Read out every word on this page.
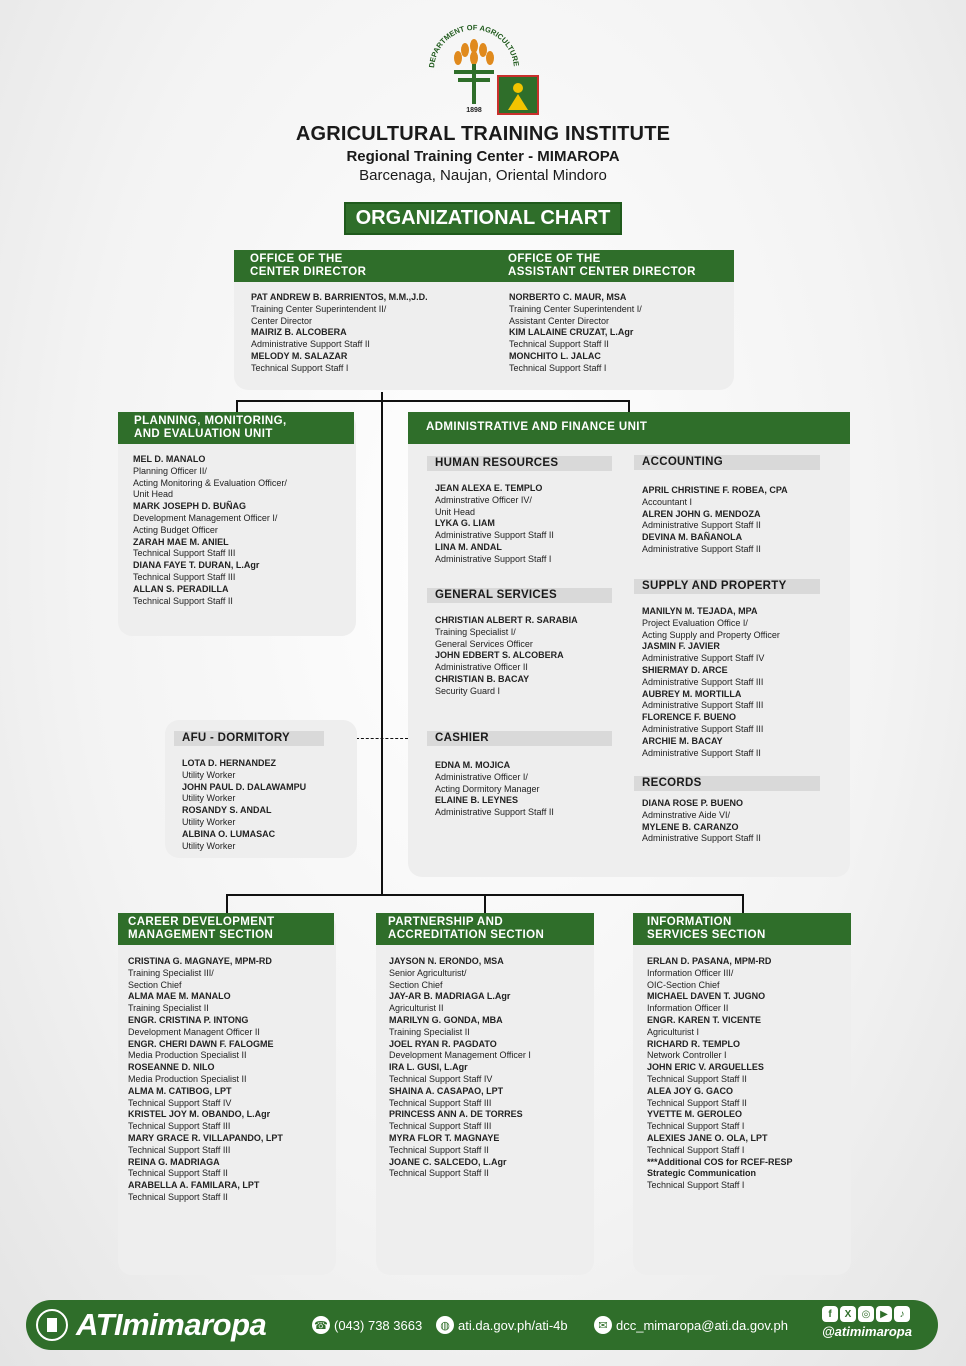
DEPARTMENT OF AGRICULTURE
1898
AGRICULTURAL TRAINING INSTITUTE
Regional Training Center - MIMAROPA
Barcenaga, Naujan, Oriental Mindoro
ORGANIZATIONAL CHART
OFFICE OF THE
CENTER DIRECTOR
OFFICE OF THE
ASSISTANT CENTER DIRECTOR
PAT ANDREW B. BARRIENTOS, M.M.,J.D.
Training Center Superintendent II/
Center Director
MAIRIZ B. ALCOBERA
Administrative Support Staff II
MELODY M. SALAZAR
Technical Support Staff I
NORBERTO C. MAUR, MSA
Training Center Superintendent I/
Assistant Center Director
KIM LALAINE CRUZAT, L.Agr
Technical Support Staff II
MONCHITO L. JALAC
Technical Support Staff I
PLANNING, MONITORING,
AND EVALUATION UNIT
MEL D. MANALO
Planning Officer II/
Acting Monitoring & Evaluation Officer/
Unit Head
MARK JOSEPH D. BUÑAG
Development Management Officer I/
Acting Budget Officer
ZARAH MAE M. ANIEL
Technical Support Staff III
DIANA FAYE T. DURAN, L.Agr
Technical Support Staff III
ALLAN S. PERADILLA
Technical Support Staff II
AFU - DORMITORY
LOTA D. HERNANDEZ
Utility Worker
JOHN PAUL D. DALAWAMPU
Utility Worker
ROSANDY S. ANDAL
Utility Worker
ALBINA O. LUMASAC
Utility Worker
ADMINISTRATIVE AND FINANCE UNIT
HUMAN RESOURCES
JEAN ALEXA E. TEMPLO
Adminstrative Officer IV/
Unit Head
LYKA G. LIAM
Administrative Support Staff II
LINA M. ANDAL
Administrative Support Staff I
GENERAL SERVICES
CHRISTIAN ALBERT R. SARABIA
Training Specialist I/
General Services Officer
JOHN EDBERT S. ALCOBERA
Administrative Officer II
CHRISTIAN B. BACAY
Security Guard I
CASHIER
EDNA M. MOJICA
Administrative Officer I/
Acting Dormitory Manager
ELAINE B. LEYNES
Administrative Support Staff II
ACCOUNTING
APRIL CHRISTINE F. ROBEA, CPA
Accountant I
ALREN JOHN G. MENDOZA
Administrative Support Staff II
DEVINA M. BAÑANOLA
Administrative Support Staff II
SUPPLY AND PROPERTY
MANILYN M. TEJADA, MPA
Project Evaluation Office I/
Acting Supply and Property Officer
JASMIN F. JAVIER
Administrative Support Staff IV
SHIERMAY D. ARCE
Administrative Support Staff III
AUBREY M. MORTILLA
Administrative Support Staff III
FLORENCE F. BUENO
Administrative Support Staff III
ARCHIE M. BACAY
Administrative Support Staff II
RECORDS
DIANA ROSE P. BUENO
Adminstrative Aide VI/
MYLENE B. CARANZO
Administrative Support Staff II
CAREER DEVELOPMENT
MANAGEMENT SECTION
CRISTINA G. MAGNAYE, MPM-RD
Training Specialist III/
Section Chief
ALMA MAE M. MANALO
Training Specialist II
ENGR. CRISTINA P. INTONG
Development Managent Officer II
ENGR. CHERI DAWN F. FALOGME
Media Production Specialist II
ROSEANNE D. NILO
Media Production Specialist II
ALMA M. CATIBOG, LPT
Technical Support Staff IV
KRISTEL JOY M. OBANDO, L.Agr
Technical Support Staff III
MARY GRACE R. VILLAPANDO, LPT
Technical Support Staff III
REINA G. MADRIAGA
Technical Support Staff II
ARABELLA A. FAMILARA, LPT
Technical Support Staff II
PARTNERSHIP AND
ACCREDITATION SECTION
JAYSON N. ERONDO, MSA
Senior Agriculturist/
Section Chief
JAY-AR B. MADRIAGA L.Agr
Agriculturist II
MARILYN G. GONDA, MBA
Training Specialist II
JOEL RYAN R. PAGDATO
Development Management Officer I
IRA L. GUSI, L.Agr
Technical Support Staff IV
SHAINA A. CASAPAO, LPT
Technical Support Staff III
PRINCESS ANN A. DE TORRES
Technical Support Staff III
MYRA FLOR T. MAGNAYE
Technical Support Staff II
JOANE C. SALCEDO, L.Agr
Technical Support Staff II
INFORMATION
SERVICES SECTION
ERLAN D. PASANA, MPM-RD
Information Officer III/
OIC-Section Chief
MICHAEL DAVEN T. JUGNO
Information Officer II
ENGR. KAREN T. VICENTE
Agriculturist I
RICHARD R. TEMPLO
Network Controller I
JOHN ERIC V. ARGUELLES
Technical Support Staff II
ALEA JOY G. GACO
Technical Support Staff II
YVETTE M. GEROLEO
Technical Support Staff I
ALEXIES JANE O. OLA, LPT
Technical Support Staff I
***Additional COS for RCEF-RESP
Strategic Communication
Technical Support Staff I
ATImimaropa	☎ (043) 738 3663	◍ ati.da.gov.ph/ati-4b	✉ dcc_mimaropa@ati.da.gov.ph
f	X	◎ ▶	♪
@atimimaropa
